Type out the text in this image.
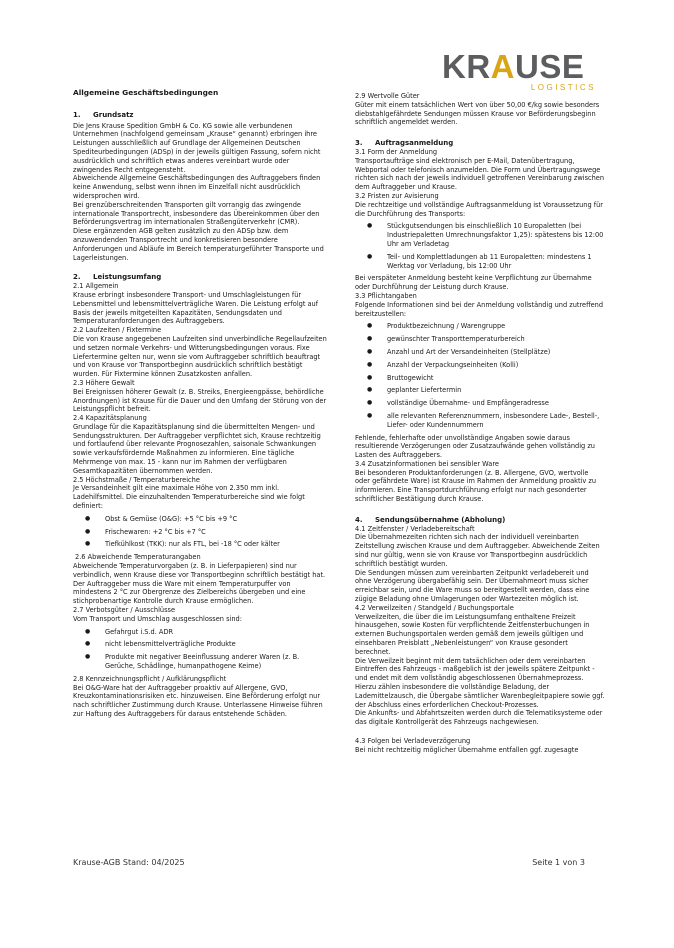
KRAUSE
LOGISTICS
Allgemeine Geschäftsbedingungen
1.	Grundsatz

Die Jens Krause Spedition GmbH & Co. KG sowie alle verbundenen Unternehmen (nachfolgend gemeinsam „Krause“ genannt) erbringen ihre Leistungen ausschließlich auf Grundlage der Allgemeinen Deutschen Spediteurbedingungen (ADSp) in der jeweils gültigen Fassung, sofern nicht ausdrücklich und schriftlich etwas anderes vereinbart wurde oder zwingendes Recht entgegensteht.

Abweichende Allgemeine Geschäftsbedingungen des Auftraggebers finden keine Anwendung, selbst wenn ihnen im Einzelfall nicht ausdrücklich widersprochen wird.

Bei grenzüberschreitenden Transporten gilt vorrangig das zwingende internationale Transportrecht, insbesondere das Übereinkommen über den Beförderungsvertrag im internationalen Straßengüterverkehr (CMR).

Diese ergänzenden AGB gelten zusätzlich zu den ADSp bzw. dem anzuwendenden Transportrecht und konkretisieren besondere Anforderungen und Abläufe im Bereich temperaturgeführter Transporte und Lagerleistungen.

2.	Leistungsumfang

2.1 Allgemein

Krause erbringt insbesondere Transport- und Umschlagleistungen für Lebensmittel und lebensmittelverträgliche Waren. Die Leistung erfolgt auf Basis der jeweils mitgeteilten Kapazitäten, Sendungsdaten und Temperaturanforderungen des Auftraggebers.

2.2 Laufzeiten / Fixtermine

Die von Krause angegebenen Laufzeiten sind unverbindliche Regellaufzeiten und setzen normale Verkehrs- und Witterungsbedingungen voraus. Fixe Liefertermine gelten nur, wenn sie vom Auftraggeber schriftlich beauftragt und von Krause vor Transportbeginn ausdrücklich schriftlich bestätigt wurden. Für Fixtermine können Zusatzkosten anfallen.

2.3 Höhere Gewalt

Bei Ereignissen höherer Gewalt (z. B. Streiks, Energieengpässe, behördliche Anordnungen) ist Krause für die Dauer und den Umfang der Störung von der Leistungspflicht befreit.

2.4 Kapazitätsplanung

Grundlage für die Kapazitätsplanung sind die übermittelten Mengen- und Sendungsstrukturen. Der Auftraggeber verpflichtet sich, Krause rechtzeitig und fortlaufend über relevante Prognosezahlen, saisonale Schwankungen sowie verkaufsfördernde Maßnahmen zu informieren. Eine tägliche Mehrmenge von max. 15 - kann nur im Rahmen der verfügbaren Gesamtkapazitäten übernommen werden.

2.5 Höchstmaße / Temperaturbereiche

Je Versandeinheit gilt eine maximale Höhe von 2.350 mm inkl. Ladehilfsmittel. Die einzuhaltenden Temperaturbereiche sind wie folgt definiert:

● Obst & Gemüse (O&G): +5 °C bis +9 °C
● Frischewaren: +2 °C bis +7 °C
● Tiefkühlkost (TKK): nur als FTL, bei -18 °C oder kälter

2.6 Abweichende Temperaturangaben

Abweichende Temperaturvorgaben (z. B. in Lieferpapieren) sind nur verbindlich, wenn Krause diese vor Transportbeginn schriftlich bestätigt hat. Der Auftraggeber muss die Ware mit einem Temperaturpuffer von mindestens 2 °C zur Obergrenze des Zielbereichs übergeben und eine stichprobenartige Kontrolle durch Krause ermöglichen.

2.7 Verbotsgüter / Ausschlüsse

Vom Transport und Umschlag ausgeschlossen sind:

● Gefahrgut i.S.d. ADR
● nicht lebensmittelverträgliche Produkte
● Produkte mit negativer Beeinflussung anderer Waren (z. B. Gerüche, Schädlinge, humanpathogene Keime)

2.8 Kennzeichnungspflicht / Aufklärungspflicht

Bei O&G-Ware hat der Auftraggeber proaktiv auf Allergene, GVO, Kreuzkontaminationsrisiken etc. hinzuweisen. Eine Beförderung erfolgt nur nach schriftlicher Zustimmung durch Krause. Unterlassene Hinweise führen zur Haftung des Auftraggebers für daraus entstehende Schäden.

2.9 Wertvolle Güter

Güter mit einem tatsächlichen Wert von über 50,00 €/kg sowie besonders diebstahlgefährdete Sendungen müssen Krause vor Beförderungsbeginn schriftlich angemeldet werden.

3.	Auftragsanmeldung

3.1 Form der Anmeldung

Transportaufträge sind elektronisch per E-Mail, Datenübertragung, Webportal oder telefonisch anzumelden. Die Form und Übertragungswege richten sich nach der jeweils individuell getroffenen Vereinbarung zwischen dem Auftraggeber und Krause.

3.2 Fristen zur Avisierung

Die rechtzeitige und vollständige Auftragsanmeldung ist Voraussetzung für die Durchführung des Transports:

● Stückgutsendungen bis einschließlich 10 Europaletten (bei Industriepaletten Umrechnungsfaktor 1,25): spätestens bis 12:00 Uhr am Verladetag
● Teil- und Komplettladungen ab 11 Europaletten: mindestens 1 Werktag vor Verladung, bis 12:00 Uhr

Bei verspäteter Anmeldung besteht keine Verpflichtung zur Übernahme oder Durchführung der Leistung durch Krause.

3.3 Pflichtangaben

Folgende Informationen sind bei der Anmeldung vollständig und zutreffend bereitzustellen:

● Produktbezeichnung / Warengruppe
● gewünschter Transporttemperaturbereich
● Anzahl und Art der Versandeinheiten (Stellplätze)
● Anzahl der Verpackungseinheiten (Kolli)
● Bruttogewicht
● geplanter Liefertermin
● vollständige Übernahme- und Empfängeradresse
● alle relevanten Referenznummern, insbesondere Lade-, Bestell-, Liefer- oder Kundennummern

Fehlende, fehlerhafte oder unvollständige Angaben sowie daraus resultierende Verzögerungen oder Zusatzaufwände gehen vollständig zu Lasten des Auftraggebers.

3.4 Zusatzinformationen bei sensibler Ware

Bei besonderen Produktanforderungen (z. B. Allergene, GVO, wertvolle oder gefährdete Ware) ist Krause im Rahmen der Anmeldung proaktiv zu informieren. Eine Transportdurchführung erfolgt nur nach gesonderter schriftlicher Bestätigung durch Krause.

4.	Sendungsübernahme (Abholung)

4.1 Zeitfenster / Verladebereitschaft

Die Übernahmezeiten richten sich nach der individuell vereinbarten Zeitstellung zwischen Krause und dem Auftraggeber. Abweichende Zeiten sind nur gültig, wenn sie von Krause vor Transportbeginn ausdrücklich schriftlich bestätigt wurden.

Die Sendungen müssen zum vereinbarten Zeitpunkt verladebereit und ohne Verzögerung übergabefähig sein. Der Übernahmeort muss sicher erreichbar sein, und die Ware muss so bereitgestellt werden, dass eine zügige Beladung ohne Umlagerungen oder Wartezeiten möglich ist.

4.2 Verweilzeiten / Standgeld / Buchungsportale

Verweilzeiten, die über die im Leistungsumfang enthaltene Freizeit hinausgehen, sowie Kosten für verpflichtende Zeitfensterbuchungen in externen Buchungsportalen werden gemäß dem jeweils gültigen und einsehbaren Preisblatt „Nebenleistungen“ von Krause gesondert berechnet.

Die Verweilzeit beginnt mit dem tatsächlichen oder dem vereinbarten Eintreffen des Fahrzeugs - maßgeblich ist der jeweils spätere Zeitpunkt - und endet mit dem vollständig abgeschlossenen Übernahmeprozess. Hierzu zählen insbesondere die vollständige Beladung, der Lademittelzausch, die Übergabe sämtlicher Warenbegleitpapiere sowie ggf. der Abschluss eines erforderlichen Checkout-Prozesses.

Die Ankunfts- und Abfahrtszeiten werden durch die Telematiksysteme oder das digitale Kontrollgerät des Fahrzeugs nachgewiesen.

4.3 Folgen bei Verladeverzögerung

Bei nicht rechtzeitig möglicher Übernahme entfallen ggf. zugesagte

Krause-AGB Stand: 04/2025	Seite 1 von 3
